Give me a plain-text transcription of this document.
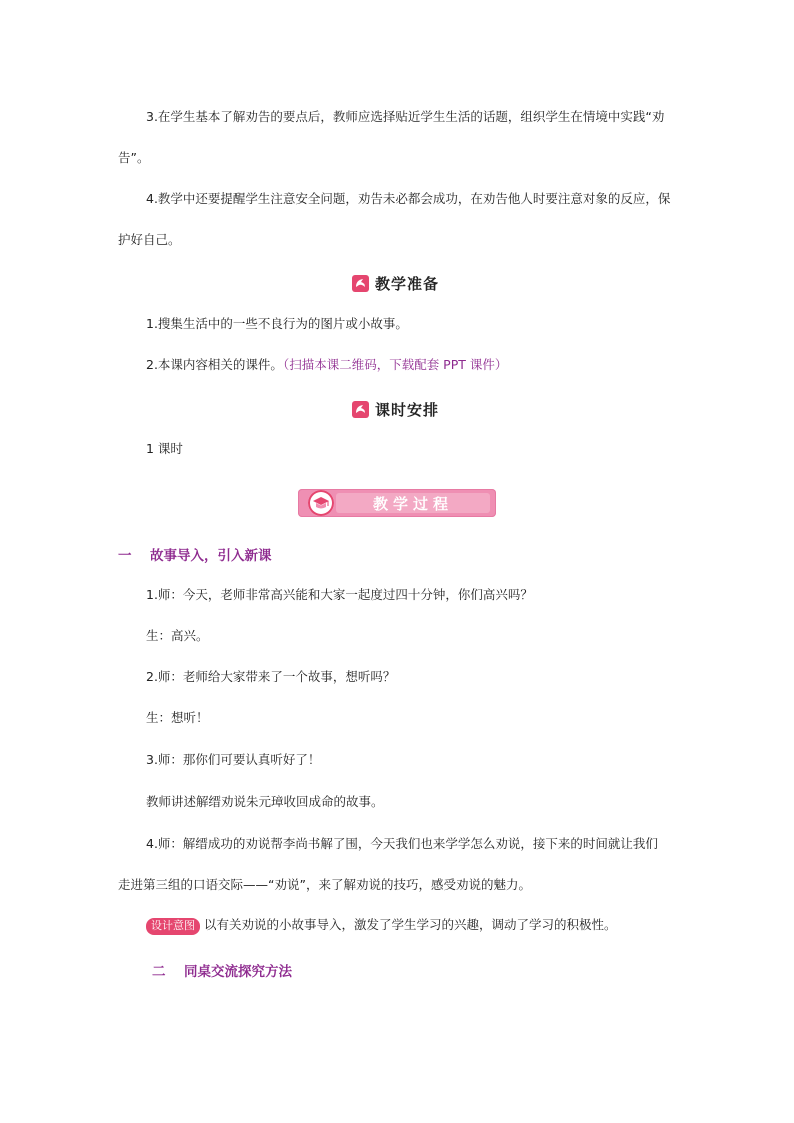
3.在学生基本了解劝告的要点后，教师应选择贴近学生生活的话题，组织学生在情境中实践“劝
告”。
4.教学中还要提醒学生注意安全问题，劝告未必都会成功，在劝告他人时要注意对象的反应，保
护好自己。
教学准备
1.搜集生活中的一些不良行为的图片或小故事。
2.本课内容相关的课件。（扫描本课二维码，下载配套 PPT 课件）
课时安排
1 课时
教学过程
一 故事导入，引入新课
1.师：今天，老师非常高兴能和大家一起度过四十分钟，你们高兴吗？
生：高兴。
2.师：老师给大家带来了一个故事，想听吗？
生：想听！
3.师：那你们可要认真听好了！
教师讲述解缙劝说朱元璋收回成命的故事。
4.师：解缙成功的劝说帮李尚书解了围，今天我们也来学学怎么劝说，接下来的时间就让我们
走进第三组的口语交际——“劝说”，来了解劝说的技巧，感受劝说的魅力。
设计意图 以有关劝说的小故事导入，激发了学生学习的兴趣，调动了学习的积极性。
二 同桌交流探究方法
